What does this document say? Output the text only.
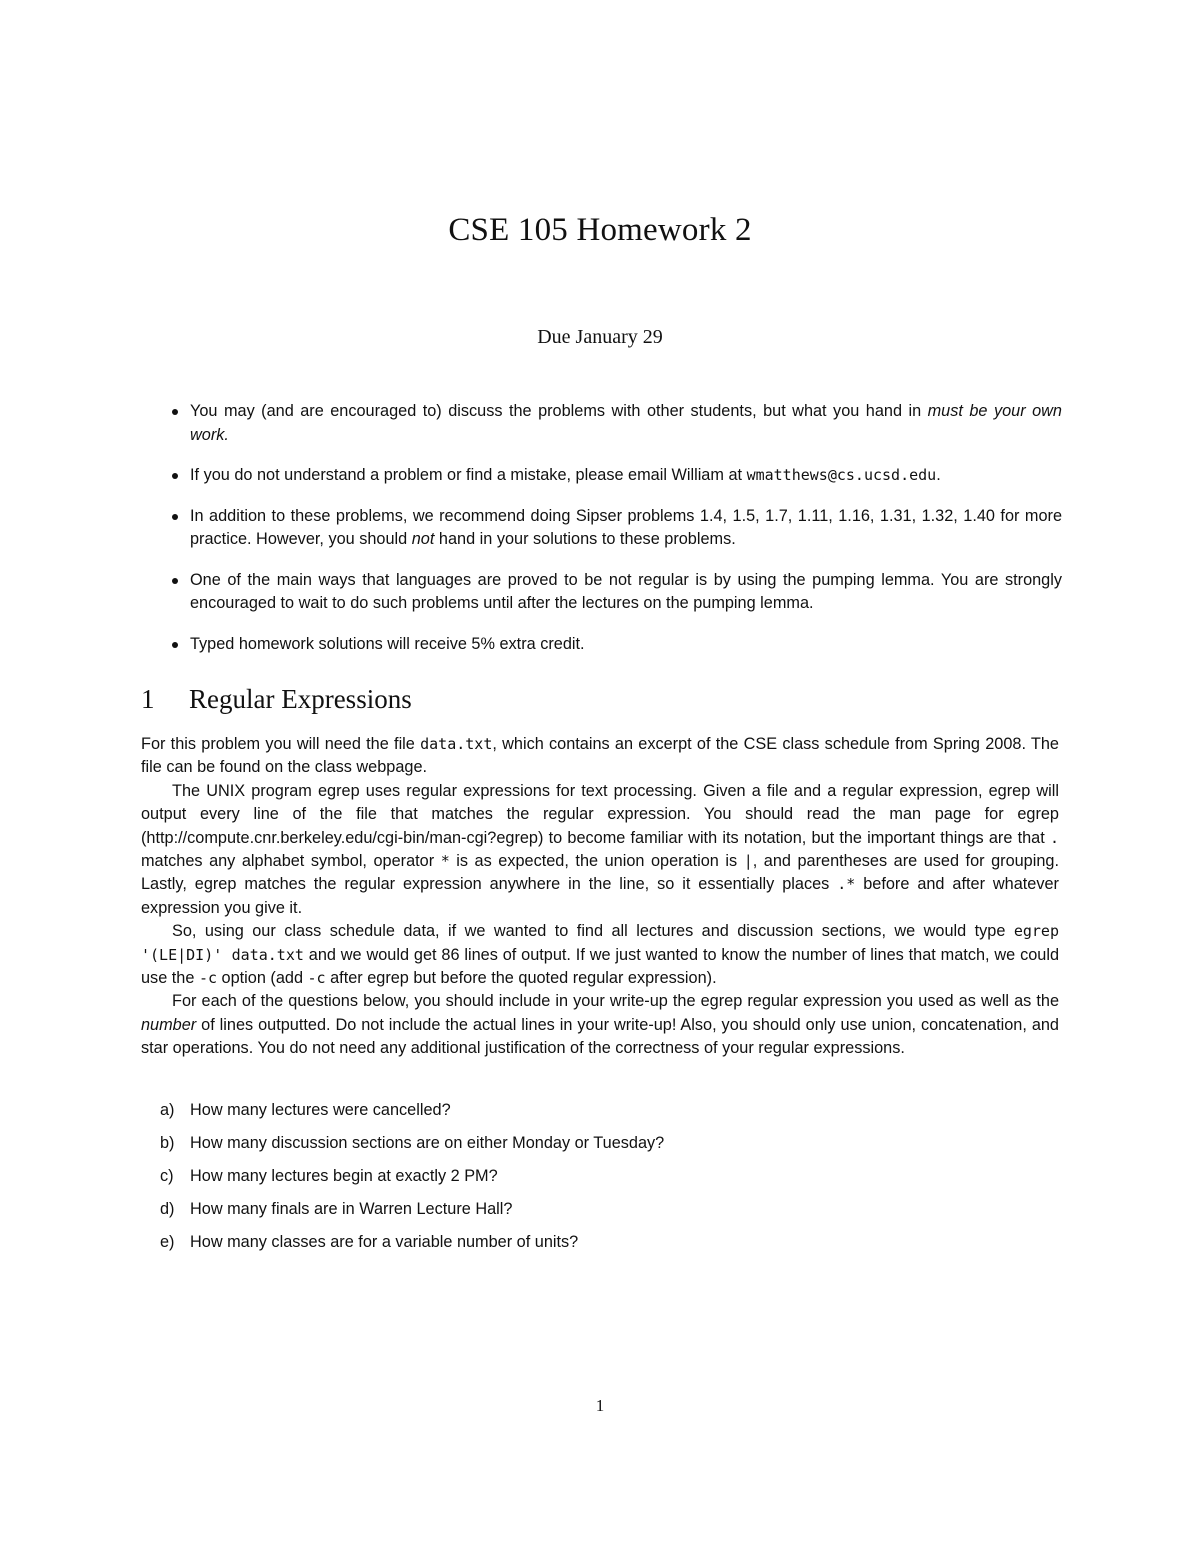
CSE 105 Homework 2
Due January 29
You may (and are encouraged to) discuss the problems with other students, but what you hand in must be your own work.
If you do not understand a problem or find a mistake, please email William at wmatthews@cs.ucsd.edu.
In addition to these problems, we recommend doing Sipser problems 1.4, 1.5, 1.7, 1.11, 1.16, 1.31, 1.32, 1.40 for more practice. However, you should not hand in your solutions to these problems.
One of the main ways that languages are proved to be not regular is by using the pumping lemma. You are strongly encouraged to wait to do such problems until after the lectures on the pumping lemma.
Typed homework solutions will receive 5% extra credit.
1 Regular Expressions

For this problem you will need the file data.txt, which contains an excerpt of the CSE class schedule from Spring 2008. The file can be found on the class webpage.

The UNIX program egrep uses regular expressions for text processing. Given a file and a regular expression, egrep will output every line of the file that matches the regular expression. You should read the man page for egrep (http://compute.cnr.berkeley.edu/cgi-bin/man-cgi?egrep) to become familiar with its notation, but the important things are that . matches any alphabet symbol, operator * is as expected, the union operation is |, and parentheses are used for grouping. Lastly, egrep matches the regular expression anywhere in the line, so it essentially places .* before and after whatever expression you give it.

So, using our class schedule data, if we wanted to find all lectures and discussion sections, we would type egrep '(LE|DI)' data.txt and we would get 86 lines of output. If we just wanted to know the number of lines that match, we could use the -c option (add -c after egrep but before the quoted regular expression).

For each of the questions below, you should include in your write-up the egrep regular expression you used as well as the number of lines outputted. Do not include the actual lines in your write-up! Also, you should only use union, concatenation, and star operations. You do not need any additional justification of the correctness of your regular expressions.

a) How many lectures were cancelled?
b) How many discussion sections are on either Monday or Tuesday?
c)	How many lectures begin at exactly 2 PM?
d) How many finals are in Warren Lecture Hall?
e) How many classes are for a variable number of units?
1
